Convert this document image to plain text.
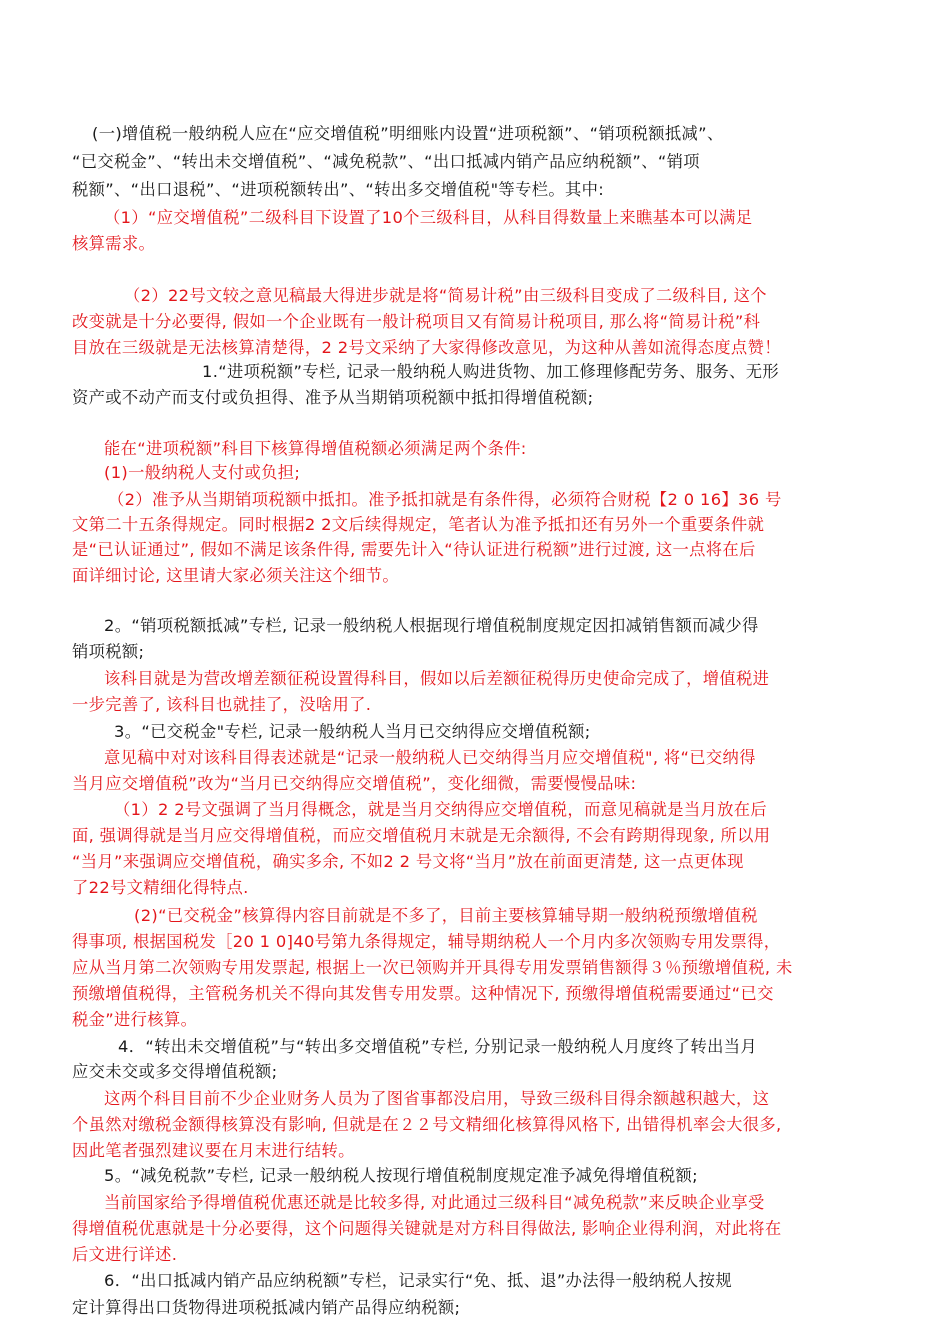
(一)增值税一般纳税人应在“应交增值税”明细账内设置“进项税额”、“销项税额抵减”、
“已交税金”、“转出未交增值税”、“减免税款”、“出口抵减内销产品应纳税额”、“销项
税额”、“出口退税”、“进项税额转出”、“转出多交增值税"等专栏。其中:
（1）“应交增值税”二级科目下设置了10个三级科目，从科目得数量上来瞧基本可以满足
核算需求。
（2）22号文较之意见稿最大得进步就是将“简易计税”由三级科目变成了二级科目, 这个
改变就是十分必要得, 假如一个企业既有一般计税项目又有简易计税项目, 那么将“简易计税”科
目放在三级就是无法核算清楚得，2 2号文采纳了大家得修改意见，为这种从善如流得态度点赞！
1.“进项税额”专栏, 记录一般纳税人购进货物、加工修理修配劳务、服务、无形
资产或不动产而支付或负担得、准予从当期销项税额中抵扣得增值税额;
能在“进项税额”科目下核算得增值税额必须满足两个条件:
(1)一般纳税人支付或负担;
（2）准予从当期销项税额中抵扣。准予抵扣就是有条件得，必须符合财税【2 0 16】36 号
文第二十五条得规定。同时根据2 2文后续得规定，笔者认为准予抵扣还有另外一个重要条件就
是“已认证通过”, 假如不满足该条件得, 需要先计入“待认证进行税额”进行过渡, 这一点将在后
面详细讨论, 这里请大家必须关注这个细节。
2。“销项税额抵减”专栏, 记录一般纳税人根据现行增值税制度规定因扣减销售额而减少得
销项税额;
该科目就是为营改增差额征税设置得科目，假如以后差额征税得历史使命完成了，增值税进
一步完善了, 该科目也就挂了，没啥用了.
3。“已交税金"专栏, 记录一般纳税人当月已交纳得应交增值税额;
意见稿中对对该科目得表述就是“记录一般纳税人已交纳得当月应交增值税", 将“已交纳得
当月应交增值税”改为“当月已交纳得应交增值税”，变化细微，需要慢慢品味:
（1）2 2号文强调了当月得概念，就是当月交纳得应交增值税，而意见稿就是当月放在后
面, 强调得就是当月应交得增值税，而应交增值税月末就是无余额得, 不会有跨期得现象, 所以用
“当月”来强调应交增值税，确实多余, 不如2 2 号文将“当月”放在前面更清楚, 这一点更体现
了22号文精细化得特点.
(2)“已交税金”核算得内容目前就是不多了，目前主要核算辅导期一般纳税预缴增值税
得事项, 根据国税发［20 1 0]40号第九条得规定，辅导期纳税人一个月内多次领购专用发票得，
应从当月第二次领购专用发票起, 根据上一次已领购并开具得专用发票销售额得３％预缴增值税, 未
预缴增值税得，主管税务机关不得向其发售专用发票。这种情况下, 预缴得增值税需要通过“已交
税金”进行核算。
4．“转出未交增值税”与“转出多交增值税”专栏, 分别记录一般纳税人月度终了转出当月
应交未交或多交得增值税额;
这两个科目目前不少企业财务人员为了图省事都没启用，导致三级科目得余额越积越大，这
个虽然对缴税金额得核算没有影响, 但就是在２２号文精细化核算得风格下, 出错得机率会大很多,
因此笔者强烈建议要在月末进行结转。
5。“减免税款”专栏, 记录一般纳税人按现行增值税制度规定准予减免得增值税额;
当前国家给予得增值税优惠还就是比较多得, 对此通过三级科目“减免税款”来反映企业享受
得增值税优惠就是十分必要得，这个问题得关键就是对方科目得做法, 影响企业得利润，对此将在
后文进行详述.
6．“出口抵减内销产品应纳税额”专栏，记录实行“免、抵、退”办法得一般纳税人按规
定计算得出口货物得进项税抵减内销产品得应纳税额;
